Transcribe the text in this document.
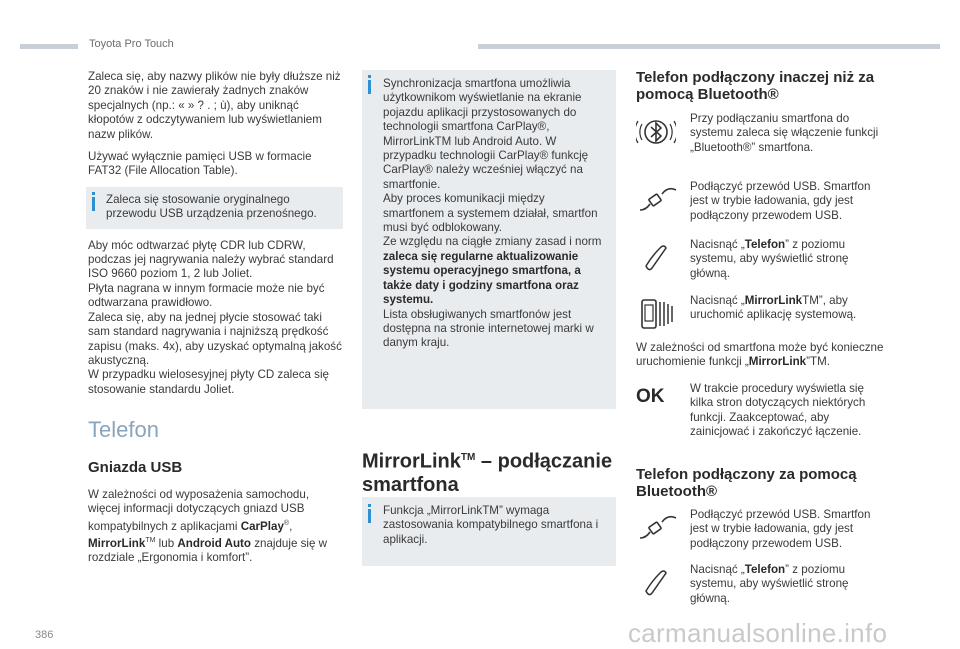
Toyota Pro Touch

Zaleca się, aby nazwy plików nie były dłuższe niż 20 znaków i nie zawierały żadnych znaków specjalnych (np.: « » ? . ; ù), aby uniknąć kłopotów z odczytywaniem lub wyświetlaniem nazw plików.

Używać wyłącznie pamięci USB w formacie FAT32 (File Allocation Table).

Zaleca się stosowanie oryginalnego przewodu USB urządzenia przenośnego.
Aby móc odtwarzać płytę CDR lub CDRW, podczas jej nagrywania należy wybrać standard ISO 9660 poziom 1, 2 lub Joliet.
Płyta nagrana w innym formacie może nie być odtwarzana prawidłowo.
Zaleca się, aby na jednej płycie stosować taki sam standard nagrywania i najniższą prędkość zapisu (maks. 4x), aby uzyskać optymalną jakość akustyczną.
W przypadku wielosesyjnej płyty CD zaleca się stosowanie standardu Joliet.
Telefon
Gniazda USB
W zależności od wyposażenia samochodu, więcej informacji dotyczących gniazd USB kompatybilnych z aplikacjami CarPlay®, MirrorLink™ lub Android Auto znajduje się w rozdziale „Ergonomia i komfort”.
Synchronizacja smartfona umożliwia użytkownikom wyświetlanie na ekranie pojazdu aplikacji przystosowanych do technologii smartfona CarPlay®, MirrorLinkTM lub Android Auto. W przypadku technologii CarPlay® funkcję CarPlay® należy wcześniej włączyć na smartfonie.
Aby proces komunikacji między smartfonem a systemem działał, smartfon musi być odblokowany.
Ze względu na ciągłe zmiany zasad i norm
zaleca się regularne aktualizowanie systemu operacyjnego smartfona, a także daty i godziny smartfona oraz systemu.
Lista obsługiwanych smartfonów jest dostępna na stronie internetowej marki w danym kraju.
MirrorLink™ – podłączanie smartfona
Funkcja „MirrorLinkTM” wymaga zastosowania kompatybilnego smartfona i aplikacji.
Telefon podłączony inaczej niż za pomocą Bluetooth®
Przy podłączaniu smartfona do systemu zaleca się włączenie funkcji „Bluetooth®” smartfona.
Podłączyć przewód USB. Smartfon jest w trybie ładowania, gdy jest podłączony przewodem USB.
Nacisnąć „Telefon” z poziomu systemu, aby wyświetlić stronę główną.
Nacisnąć „MirrorLinkTM”, aby uruchomić aplikację systemową.
W zależności od smartfona może być konieczne uruchomienie funkcji „MirrorLink”TM.
OK	W trakcie procedury wyświetla się kilka stron dotyczących niektórych funkcji. Zaakceptować, aby zainicjować i zakończyć łączenie.
Telefon podłączony za pomocą Bluetooth®
Podłączyć przewód USB. Smartfon jest w trybie ładowania, gdy jest podłączony przewodem USB.
Nacisnąć „Telefon” z poziomu systemu, aby wyświetlić stronę główną.
386	carmanualsonline.info
